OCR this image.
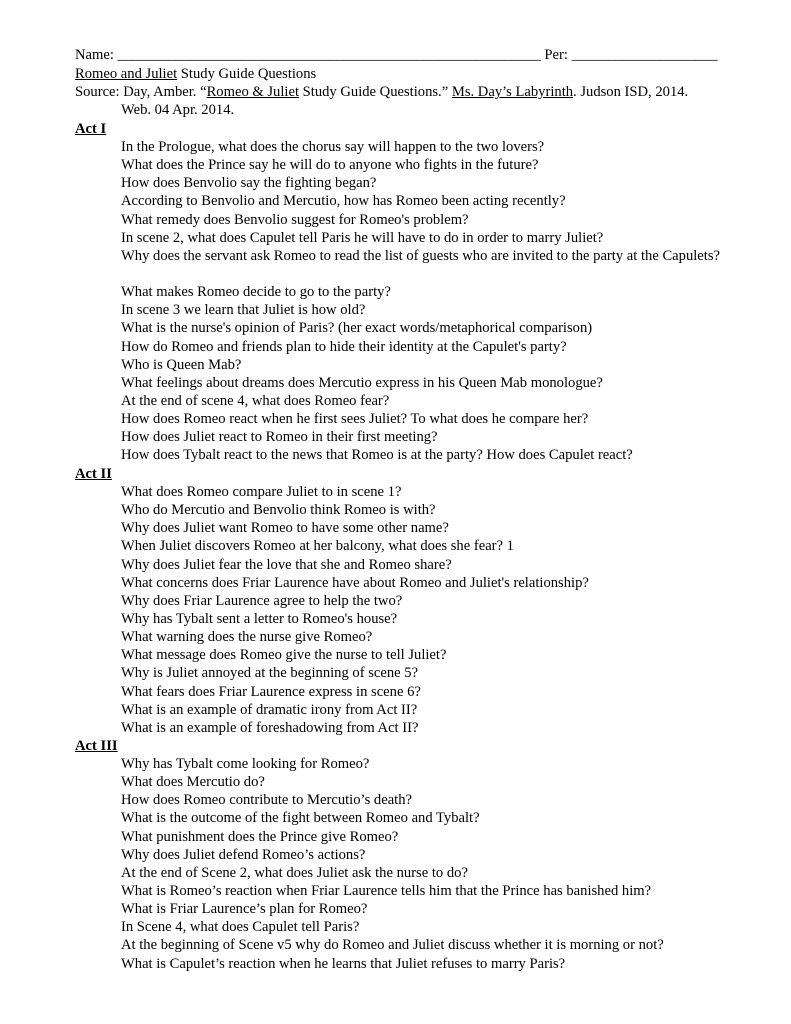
Name: __________________________________________________________ Per: ____________________
Romeo and Juliet Study Guide Questions
Source: Day, Amber. “Romeo & Juliet Study Guide Questions.” Ms. Day’s Labyrinth. Judson ISD, 2014.
Web. 04 Apr. 2014.
Act I
In the Prologue, what does the chorus say will happen to the two lovers?
What does the Prince say he will do to anyone who fights in the future?
How does Benvolio say the fighting began?
According to Benvolio and Mercutio, how has Romeo been acting recently?
What remedy does Benvolio suggest for Romeo's problem?
In scene 2, what does Capulet tell Paris he will have to do in order to marry Juliet?
Why does the servant ask Romeo to read the list of guests who are invited to the party at the Capulets?
What makes Romeo decide to go to the party?
In scene 3 we learn that Juliet is how old?
What is the nurse's opinion of Paris? (her exact words/metaphorical comparison)
How do Romeo and friends plan to hide their identity at the Capulet's party?
Who is Queen Mab?
What feelings about dreams does Mercutio express in his Queen Mab monologue?
At the end of scene 4, what does Romeo fear?
How does Romeo react when he first sees Juliet? To what does he compare her?
How does Juliet react to Romeo in their first meeting?
How does Tybalt react to the news that Romeo is at the party? How does Capulet react?
Act II
What does Romeo compare Juliet to in scene 1?
Who do Mercutio and Benvolio think Romeo is with?
Why does Juliet want Romeo to have some other name?
When Juliet discovers Romeo at her balcony, what does she fear? 1
Why does Juliet fear the love that she and Romeo share?
What concerns does Friar Laurence have about Romeo and Juliet's relationship?
Why does Friar Laurence agree to help the two?
Why has Tybalt sent a letter to Romeo's house?
What warning does the nurse give Romeo?
What message does Romeo give the nurse to tell Juliet?
Why is Juliet annoyed at the beginning of scene 5?
What fears does Friar Laurence express in scene 6?
What is an example of dramatic irony from Act II?
What is an example of foreshadowing from Act II?
Act III
Why has Tybalt come looking for Romeo?
What does Mercutio do?
How does Romeo contribute to Mercutio’s death?
What is the outcome of the fight between Romeo and Tybalt?
What punishment does the Prince give Romeo?
Why does Juliet defend Romeo’s actions?
At the end of Scene 2, what does Juliet ask the nurse to do?
What is Romeo’s reaction when Friar Laurence tells him that the Prince has banished him?
What is Friar Laurence’s plan for Romeo?
In Scene 4, what does Capulet tell Paris?
At the beginning of Scene v5 why do Romeo and Juliet discuss whether it is morning or not?
What is Capulet’s reaction when he learns that Juliet refuses to marry Paris?
